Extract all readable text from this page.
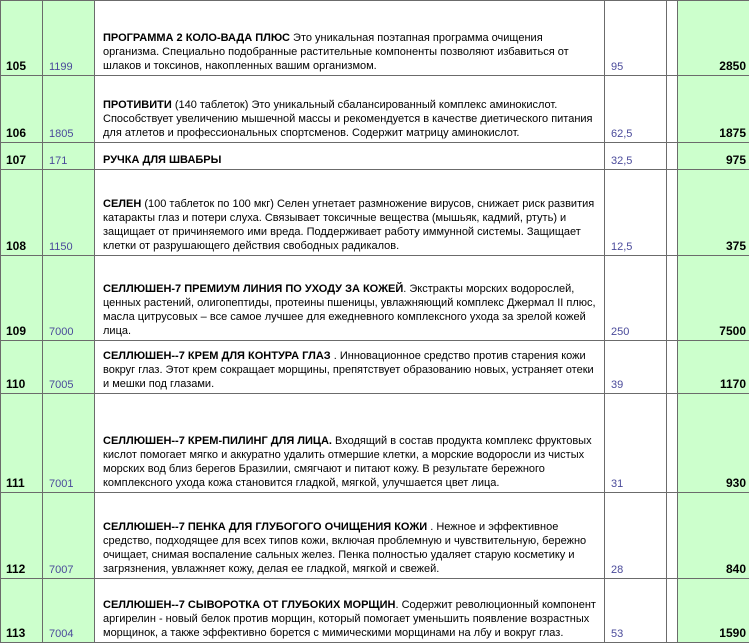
105	1199	ПРОГРАММА 2 КОЛО-ВАДА ПЛЮС Это уникальная поэтапная программа очищения организма. Специально подобранные растительные компоненты позволяют избавиться от шлаков и токсинов, накопленных вашим организмом.	95		2850
106	1805	ПРОТИВИТИ (140 таблеток) Это уникальный сбалансированный комплекс аминокислот. Способствует увеличению мышечной массы и рекомендуется в качестве диетического питания для атлетов и профессиональных спортсменов. Содержит матрицу аминокислот.	62,5		1875
107	171	РУЧКА ДЛЯ ШВАБРЫ	32,5		975
108	1150	СЕЛЕН (100 таблеток по 100 мкг) Селен угнетает размножение вирусов, снижает риск развития катаракты глаз и потери слуха. Связывает токсичные вещества (мышьяк, кадмий, ртуть) и защищает от причиняемого ими вреда. Поддерживает работу иммунной системы. Защищает клетки от разрушающего действия свободных радикалов.	12,5		375
109	7000	СЕЛЛЮШЕН-7 ПРЕМИУМ ЛИНИЯ ПО УХОДУ ЗА КОЖЕЙ. Экстракты морских водорослей, ценных растений, олигопептиды, протеины пшеницы, увлажняющий комплекс Джермал II плюс, масла цитрусовых – все самое лучшее для ежедневного комплексного ухода за зрелой кожей лица.	250		7500
110	7005	СЕЛЛЮШЕН--7 КРЕМ ДЛЯ КОНТУРА ГЛАЗ . Инновационное средство против старения кожи вокруг глаз. Этот крем сокращает морщины, препятствует образованию новых, устраняет отеки и мешки под глазами.	39		1170
111	7001	СЕЛЛЮШЕН--7 КРЕМ-ПИЛИНГ ДЛЯ ЛИЦА. Входящий в состав продукта комплекс фруктовых кислот помогает мягко и аккуратно удалить отмершие клетки, а морские водоросли из чистых морских вод близ берегов Бразилии, смягчают и питают кожу. В результате бережного комплексного ухода кожа становится гладкой, мягкой, улучшается цвет лица.	31		930
112	7007	СЕЛЛЮШЕН--7 ПЕНКА ДЛЯ ГЛУБОГОГО ОЧИЩЕНИЯ КОЖИ . Нежное и эффективное средство, подходящее для всех типов кожи, включая проблемную и чувствительную, бережно очищает, снимая воспаление сальных желез. Пенка полностью удаляет старую косметику и загрязнения, увлажняет кожу, делая ее гладкой, мягкой и свежей.	28		840
113	7004	СЕЛЛЮШЕН--7 СЫВОРОТКА ОТ ГЛУБОКИХ МОРЩИН. Содержит революционный компонент аргирелин - новый белок против морщин, который помогает уменьшить появление возрастных морщинок, а также эффективно борется с мимическими морщинами на лбу и вокруг глаз.	53		1590
